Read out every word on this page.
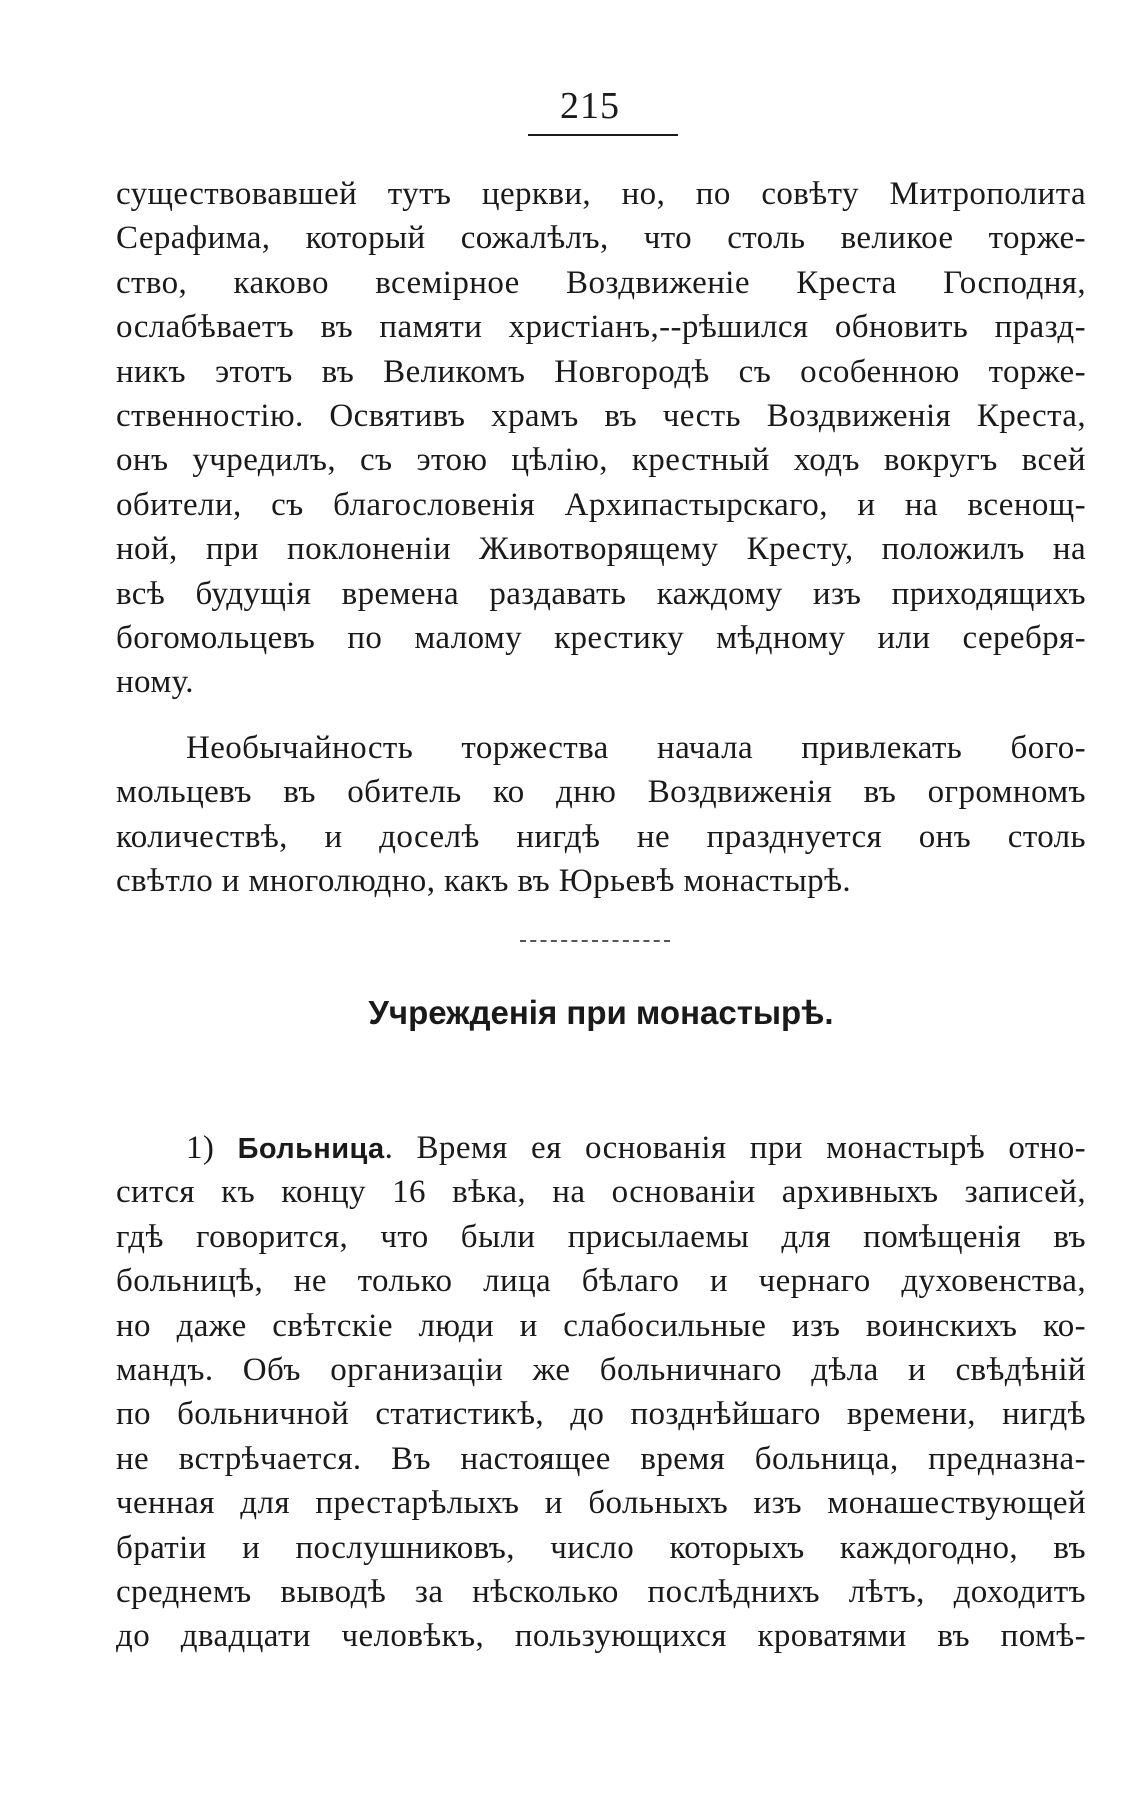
215
существовавшей тутъ церкви, но, по совѣту Митрополита
Серафима, который сожалѣлъ, что столь великое торже-
ство, каково всемірное Воздвиженіе Креста Господня,
ослабѣваетъ въ памяти христіанъ,--рѣшился обновить празд-
никъ этотъ въ Великомъ Новгородѣ съ особенною торже-
ственностію. Освятивъ храмъ въ честь Воздвиженія Креста,
онъ учредилъ, съ этою цѣлію, крестный ходъ вокругъ всей
обители, съ благословенія Архипастырскаго, и на всенощ-
ной, при поклоненіи Животворящему Кресту, положилъ на
всѣ будущія времена раздавать каждому изъ приходящихъ
богомольцевъ по малому крестику мѣдному или серебря-
ному.
Необычайность торжества начала привлекать бого-
мольцевъ въ обитель ко дню Воздвиженія въ огромномъ
количествѣ, и доселѣ нигдѣ не празднуется онъ столь
свѣтло и многолюдно, какъ въ Юрьевѣ монастырѣ.
Учрежденія при монастырѣ.
1) Больница. Время ея основанія при монастырѣ отно-
сится къ концу 16 вѣка, на основаніи архивныхъ записей,
гдѣ говорится, что были присылаемы для помѣщенія въ
больницѣ, не только лица бѣлаго и чернаго духовенства,
но даже свѣтскіе люди и слабосильные изъ воинскихъ ко-
мандъ. Объ организаціи же больничнаго дѣла и свѣдѣній
по больничной статистикѣ, до позднѣйшаго времени, нигдѣ
не встрѣчается. Въ настоящее время больница, предназна-
ченная для престарѣлыхъ и больныхъ изъ монашествующей
братіи и послушниковъ, число которыхъ каждогодно, въ
среднемъ выводѣ за нѣсколько послѣднихъ лѣтъ, доходитъ
до двадцати человѣкъ, пользующихся кроватями въ помѣ-
